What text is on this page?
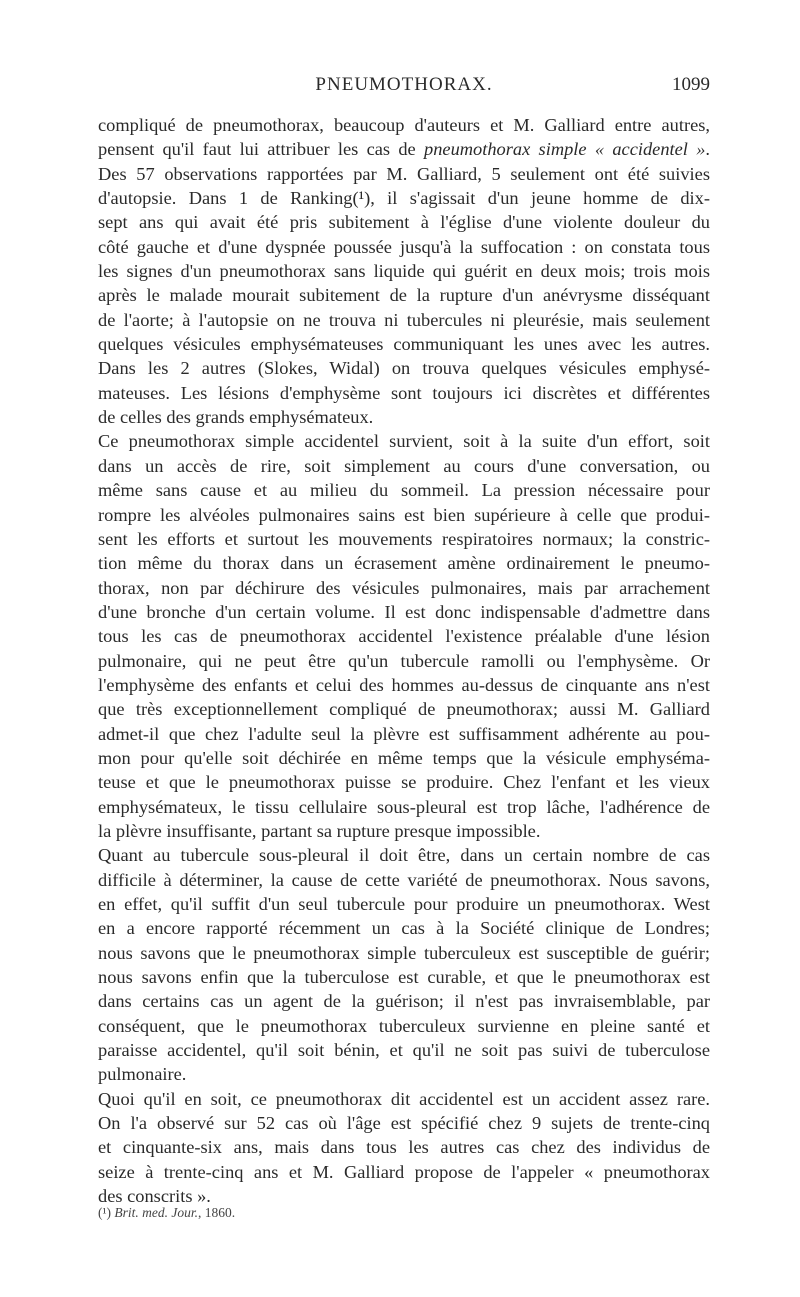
PNEUMOTHORAX.	1099
compliqué de pneumothorax, beaucoup d'auteurs et M. Galliard entre autres,
pensent qu'il faut lui attribuer les cas de pneumothorax simple « accidentel ».
Des 57 observations rapportées par M. Galliard, 5 seulement ont été suivies
d'autopsie. Dans 1 de Ranking(¹), il s'agissait d'un jeune homme de dix-
sept ans qui avait été pris subitement à l'église d'une violente douleur du
côté gauche et d'une dyspnée poussée jusqu'à la suffocation : on constata tous
les signes d'un pneumothorax sans liquide qui guérit en deux mois; trois mois
après le malade mourait subitement de la rupture d'un anévrysme disséquant
de l'aorte; à l'autopsie on ne trouva ni tubercules ni pleurésie, mais seulement
quelques vésicules emphysémateuses communiquant les unes avec les autres.
Dans les 2 autres (Slokes, Widal) on trouva quelques vésicules emphysé-
mateuses. Les lésions d'emphysème sont toujours ici discrètes et différentes
de celles des grands emphysémateux.
Ce pneumothorax simple accidentel survient, soit à la suite d'un effort, soit
dans un accès de rire, soit simplement au cours d'une conversation, ou
même sans cause et au milieu du sommeil. La pression nécessaire pour
rompre les alvéoles pulmonaires sains est bien supérieure à celle que produi-
sent les efforts et surtout les mouvements respiratoires normaux; la constric-
tion même du thorax dans un écrasement amène ordinairement le pneumo-
thorax, non par déchirure des vésicules pulmonaires, mais par arrachement
d'une bronche d'un certain volume. Il est donc indispensable d'admettre dans
tous les cas de pneumothorax accidentel l'existence préalable d'une lésion
pulmonaire, qui ne peut être qu'un tubercule ramolli ou l'emphysème. Or
l'emphysème des enfants et celui des hommes au-dessus de cinquante ans n'est
que très exceptionnellement compliqué de pneumothorax; aussi M. Galliard
admet-il que chez l'adulte seul la plèvre est suffisamment adhérente au pou-
mon pour qu'elle soit déchirée en même temps que la vésicule emphyséma-
teuse et que le pneumothorax puisse se produire. Chez l'enfant et les vieux
emphysémateux, le tissu cellulaire sous-pleural est trop lâche, l'adhérence de
la plèvre insuffisante, partant sa rupture presque impossible.
Quant au tubercule sous-pleural il doit être, dans un certain nombre de cas
difficile à déterminer, la cause de cette variété de pneumothorax. Nous savons,
en effet, qu'il suffit d'un seul tubercule pour produire un pneumothorax. West
en a encore rapporté récemment un cas à la Société clinique de Londres;
nous savons que le pneumothorax simple tuberculeux est susceptible de guérir;
nous savons enfin que la tuberculose est curable, et que le pneumothorax est
dans certains cas un agent de la guérison; il n'est pas invraisemblable, par
conséquent, que le pneumothorax tuberculeux survienne en pleine santé et
paraisse accidentel, qu'il soit bénin, et qu'il ne soit pas suivi de tuberculose
pulmonaire.
Quoi qu'il en soit, ce pneumothorax dit accidentel est un accident assez rare.
On l'a observé sur 52 cas où l'âge est spécifié chez 9 sujets de trente-cinq
et cinquante-six ans, mais dans tous les autres cas chez des individus de
seize à trente-cinq ans et M. Galliard propose de l'appeler « pneumothorax
des conscrits ».
(¹) Brit. med. Jour., 1860.
